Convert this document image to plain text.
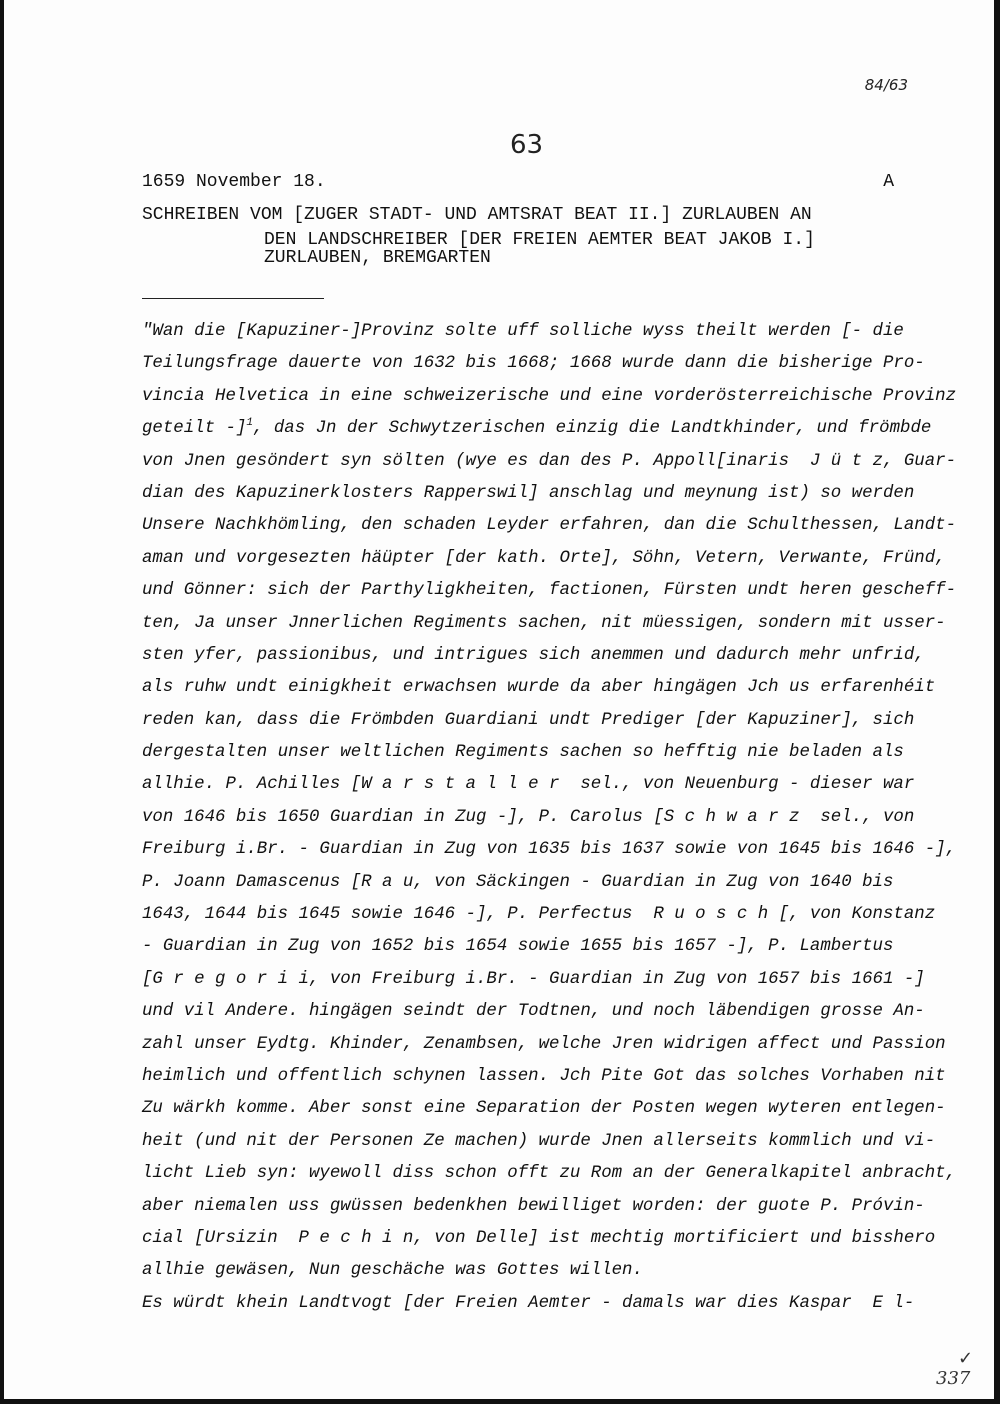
84/63
63
1659 November 18.	A
SCHREIBEN VOM [ZUGER STADT- UND AMTSRAT BEAT II.] ZURLAUBEN AN
DEN LANDSCHREIBER [DER FREIEN AEMTER BEAT JAKOB I.]
ZURLAUBEN, BREMGARTEN
"Wan die [Kapuziner-]Provinz solte uff solliche wyss theilt werden [- die
Teilungsfrage dauerte von 1632 bis 1668; 1668 wurde dann die bisherige Pro-
vincia Helvetica in eine schweizerische und eine vorderösterreichische Provinz
geteilt -]$^1$, das Jn der Schwytzerischen einzig die Landtkhinder, und frömbde
von Jnen gesöndert syn sölten (wye es dan des P. Appoll[inaris  J ü t z, Guar-
dian des Kapuzinerklosters Rapperswil] anschlag und meynung ist) so werden
Unsere Nachkhömling, den schaden Leyder erfahren, dan die Schulthessen, Landt-
aman und vorgesezten häüpter [der kath. Orte], Söhn, Vetern, Verwante, Fründ,
und Gönner: sich der Parthyligkheiten, factionen, Fürsten undt heren gescheff-
ten, Ja unser Jnnerlichen Regiments sachen, nit müessigen, sondern mit usser-
sten yfer, passionibus, und intrigues sich anemmen und dadurch mehr unfrid,
als ruhw undt einigkheit erwachsen wurde da aber hingägen Jch us erfarenhéit
reden kan, dass die Frömbden Guardiani undt Prediger [der Kapuziner], sich
dergestalten unser weltlichen Regiments sachen so hefftig nie beladen als
allhie. P. Achilles [W a r s t a l l e r  sel., von Neuenburg - dieser war
von 1646 bis 1650 Guardian in Zug -], P. Carolus [S c h w a r z  sel., von
Freiburg i.Br. - Guardian in Zug von 1635 bis 1637 sowie von 1645 bis 1646 -],
P. Joann Damascenus [R a u, von Säckingen - Guardian in Zug von 1640 bis
1643, 1644 bis 1645 sowie 1646 -], P. Perfectus  R u o s c h [, von Konstanz
- Guardian in Zug von 1652 bis 1654 sowie 1655 bis 1657 -], P. Lambertus
[G r e g o r i i, von Freiburg i.Br. - Guardian in Zug von 1657 bis 1661 -]
und vil Andere. hingägen seindt der Todtnen, und noch läbendigen grosse An-
zahl unser Eydtg. Khinder, Zenambsen, welche Jren widrigen affect und Passion
heimlich und offentlich schynen lassen. Jch Pite Got das solches Vorhaben nit
Zu wärkh komme. Aber sonst eine Separation der Posten wegen wyteren entlegen-
heit (und nit der Personen Ze machen) wurde Jnen allerseits kommlich und vi-
licht Lieb syn: wyewoll diss schon offt zu Rom an der Generalkapitel anbracht,
aber niemalen uss gwüssen bedenkhen bewilliget worden: der guote P. Próvin-
cial [Ursizin  P e c h i n, von Delle] ist mechtig mortificiert und bisshero
allhie gewäsen, Nun geschäche was Gottes willen.
Es würdt khein Landtvogt [der Freien Aemter - damals war dies Kaspar  E l-
✓
337
